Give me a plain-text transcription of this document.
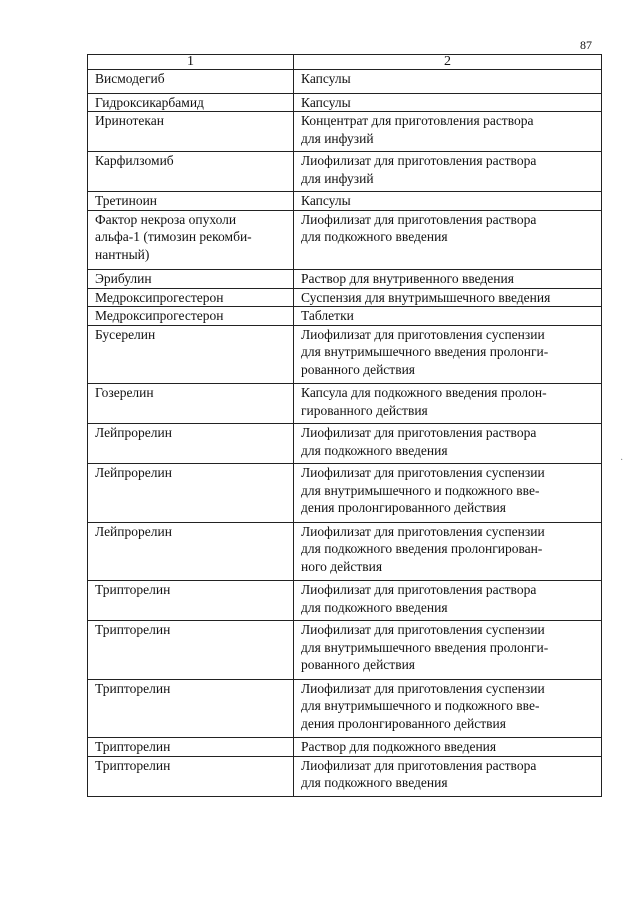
87
1	2
Висмодегиб	Капсулы
Гидроксикарбамид	Капсулы
Иринотекан	Концентрат для приготовления раствора
для инфузий
Карфилзомиб	Лиофилизат для приготовления раствора
для инфузий
Третиноин	Капсулы
Фактор некроза опухоли
альфа-1 (тимозин рекомби-
нантный)	Лиофилизат для приготовления раствора
для подкожного введения
Эрибулин	Раствор для внутривенного введения
Медроксипрогестерон	Суспензия для внутримышечного введения
Медроксипрогестерон	Таблетки
Бусерелин	Лиофилизат для приготовления суспензии
для внутримышечного введения пролонги-
рованного действия
Гозерелин	Капсула для подкожного введения пролон-
гированного действия
Лейпрорелин	Лиофилизат для приготовления раствора
для подкожного введения
Лейпрорелин	Лиофилизат для приготовления суспензии
для внутримышечного и подкожного вве-
дения пролонгированного действия
Лейпрорелин	Лиофилизат для приготовления суспензии
для подкожного введения пролонгирован-
ного действия
Трипторелин	Лиофилизат для приготовления раствора
для подкожного введения
Трипторелин	Лиофилизат для приготовления суспензии
для внутримышечного введения пролонги-
рованного действия
Трипторелин	Лиофилизат для приготовления суспензии
для внутримышечного и подкожного вве-
дения пролонгированного действия
Трипторелин	Раствор для подкожного введения
Трипторелин	Лиофилизат для приготовления раствора
для подкожного введения
·
